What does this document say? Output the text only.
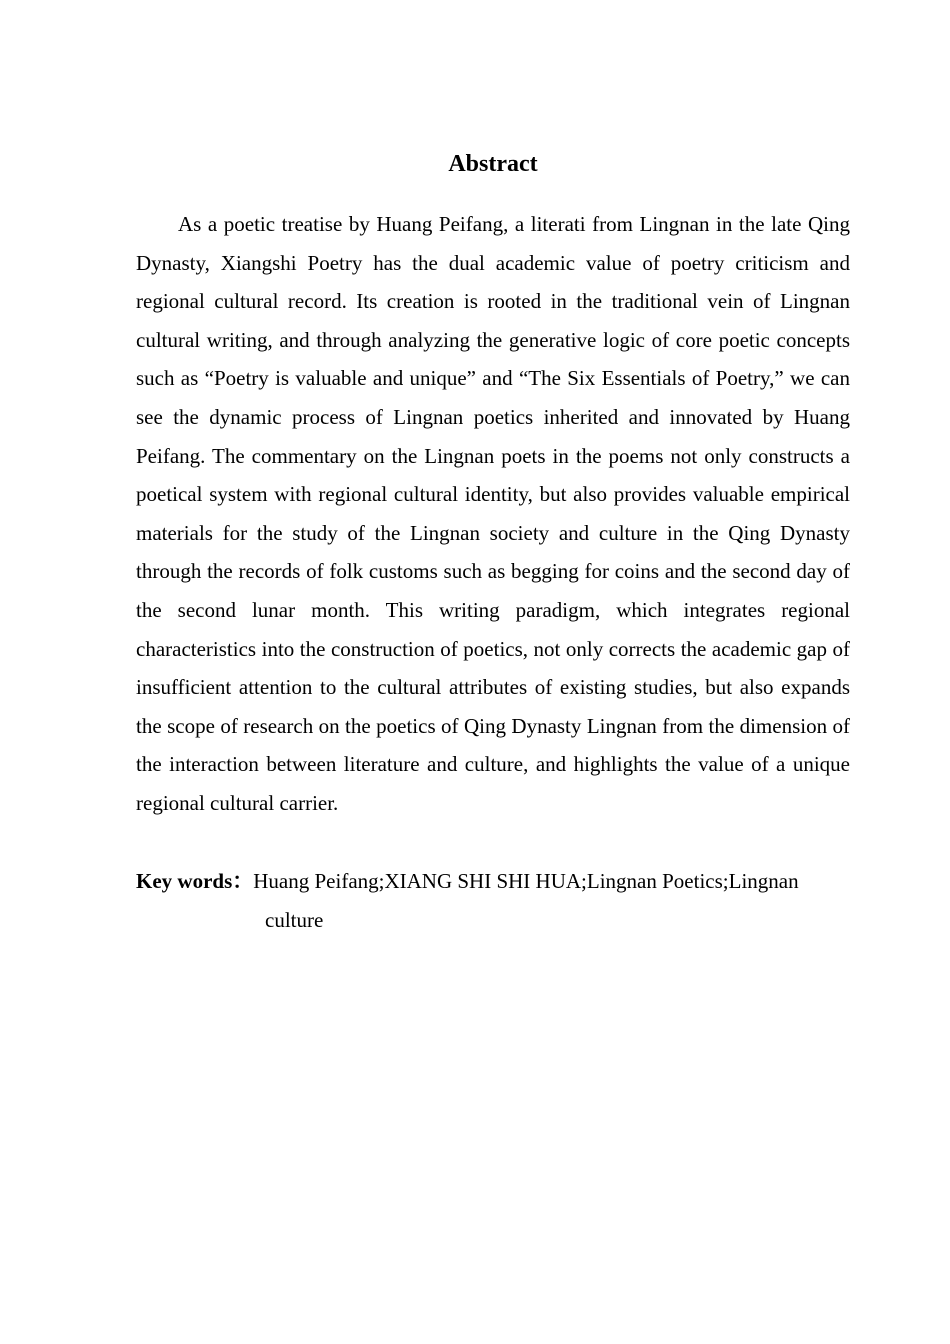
Abstract

As a poetic treatise by Huang Peifang, a literati from Lingnan in the late Qing Dynasty, Xiangshi Poetry has the dual academic value of poetry criticism and regional cultural record. Its creation is rooted in the traditional vein of Lingnan cultural writing, and through analyzing the generative logic of core poetic concepts such as “Poetry is valuable and unique” and “The Six Essentials of Poetry,” we can see the dynamic process of Lingnan poetics inherited and innovated by Huang Peifang. The commentary on the Lingnan poets in the poems not only constructs a poetical system with regional cultural identity, but also provides valuable empirical materials for the study of the Lingnan society and culture in the Qing Dynasty through the records of folk customs such as begging for coins and the second day of the second lunar month. This writing paradigm, which integrates regional characteristics into the construction of poetics, not only corrects the academic gap of insufficient attention to the cultural attributes of existing studies, but also expands the scope of research on the poetics of Qing Dynasty Lingnan from the dimension of the interaction between literature and culture, and highlights the value of a unique regional cultural carrier.

Key words：Huang Peifang;XIANG SHI SHI HUA;Lingnan Poetics;Lingnan
culture
